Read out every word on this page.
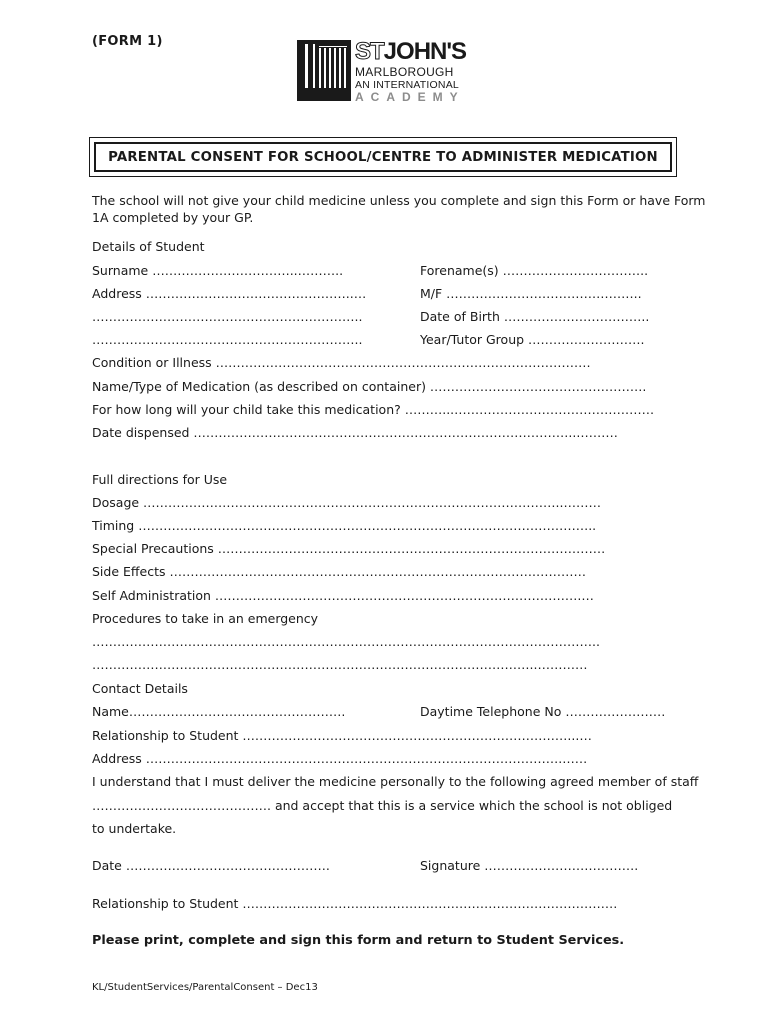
(FORM 1)	STJOHN'S
MARLBOROUGH
AN INTERNATIONAL
ACADEMY
PARENTAL CONSENT FOR SCHOOL/CENTRE TO ADMINISTER MEDICATION
The school will not give your child medicine unless you complete and sign this Form or have Form
1A completed by your GP.
Details of Student
Surname ……………………………..………..	Forename(s) ……………………………..
Address …………………………………………..…	M/F ………………………………………..
………………………………………………………..	Date of Birth ……………………………..
………………………………………………………..	Year/Tutor Group ……………………….
Condition or Illness ………………………………………………………………………………
Name/Type of Medication (as described on container) …………………………………………….
For how long will your child take this medication? ………...…………………………………………
Date dispensed ………………………………………………………………………………...………
Full directions for Use
Dosage ………………………………………………………………………………………..………
Timing ………………………………………………………………………………………………..
Special Precautions …………………………………………………………………………………
Side Effects …………………………………………………………………………….…………
Self Administration …………………………………………………………………………….…
Procedures to take in an emergency
…………………………………………………………………………………………………………..
……………………………………………………………………………………………..…………
Contact Details
Name…………………………………………….	Daytime Telephone No ……………………
Relationship to Student ……………………………………………………………………...…
Address ……………………………………………………………………………………….……
I understand that I must deliver the medicine personally to the following agreed member of staff
……………………………………. and accept that this is a service which the school is not obliged
to undertake.
Date ………………………………………….	Signature ……………………………….
Relationship to Student ………………………………………………………………………………
Please print, complete and sign this form and return to Student Services.
KL/StudentServices/ParentalConsent – Dec13
